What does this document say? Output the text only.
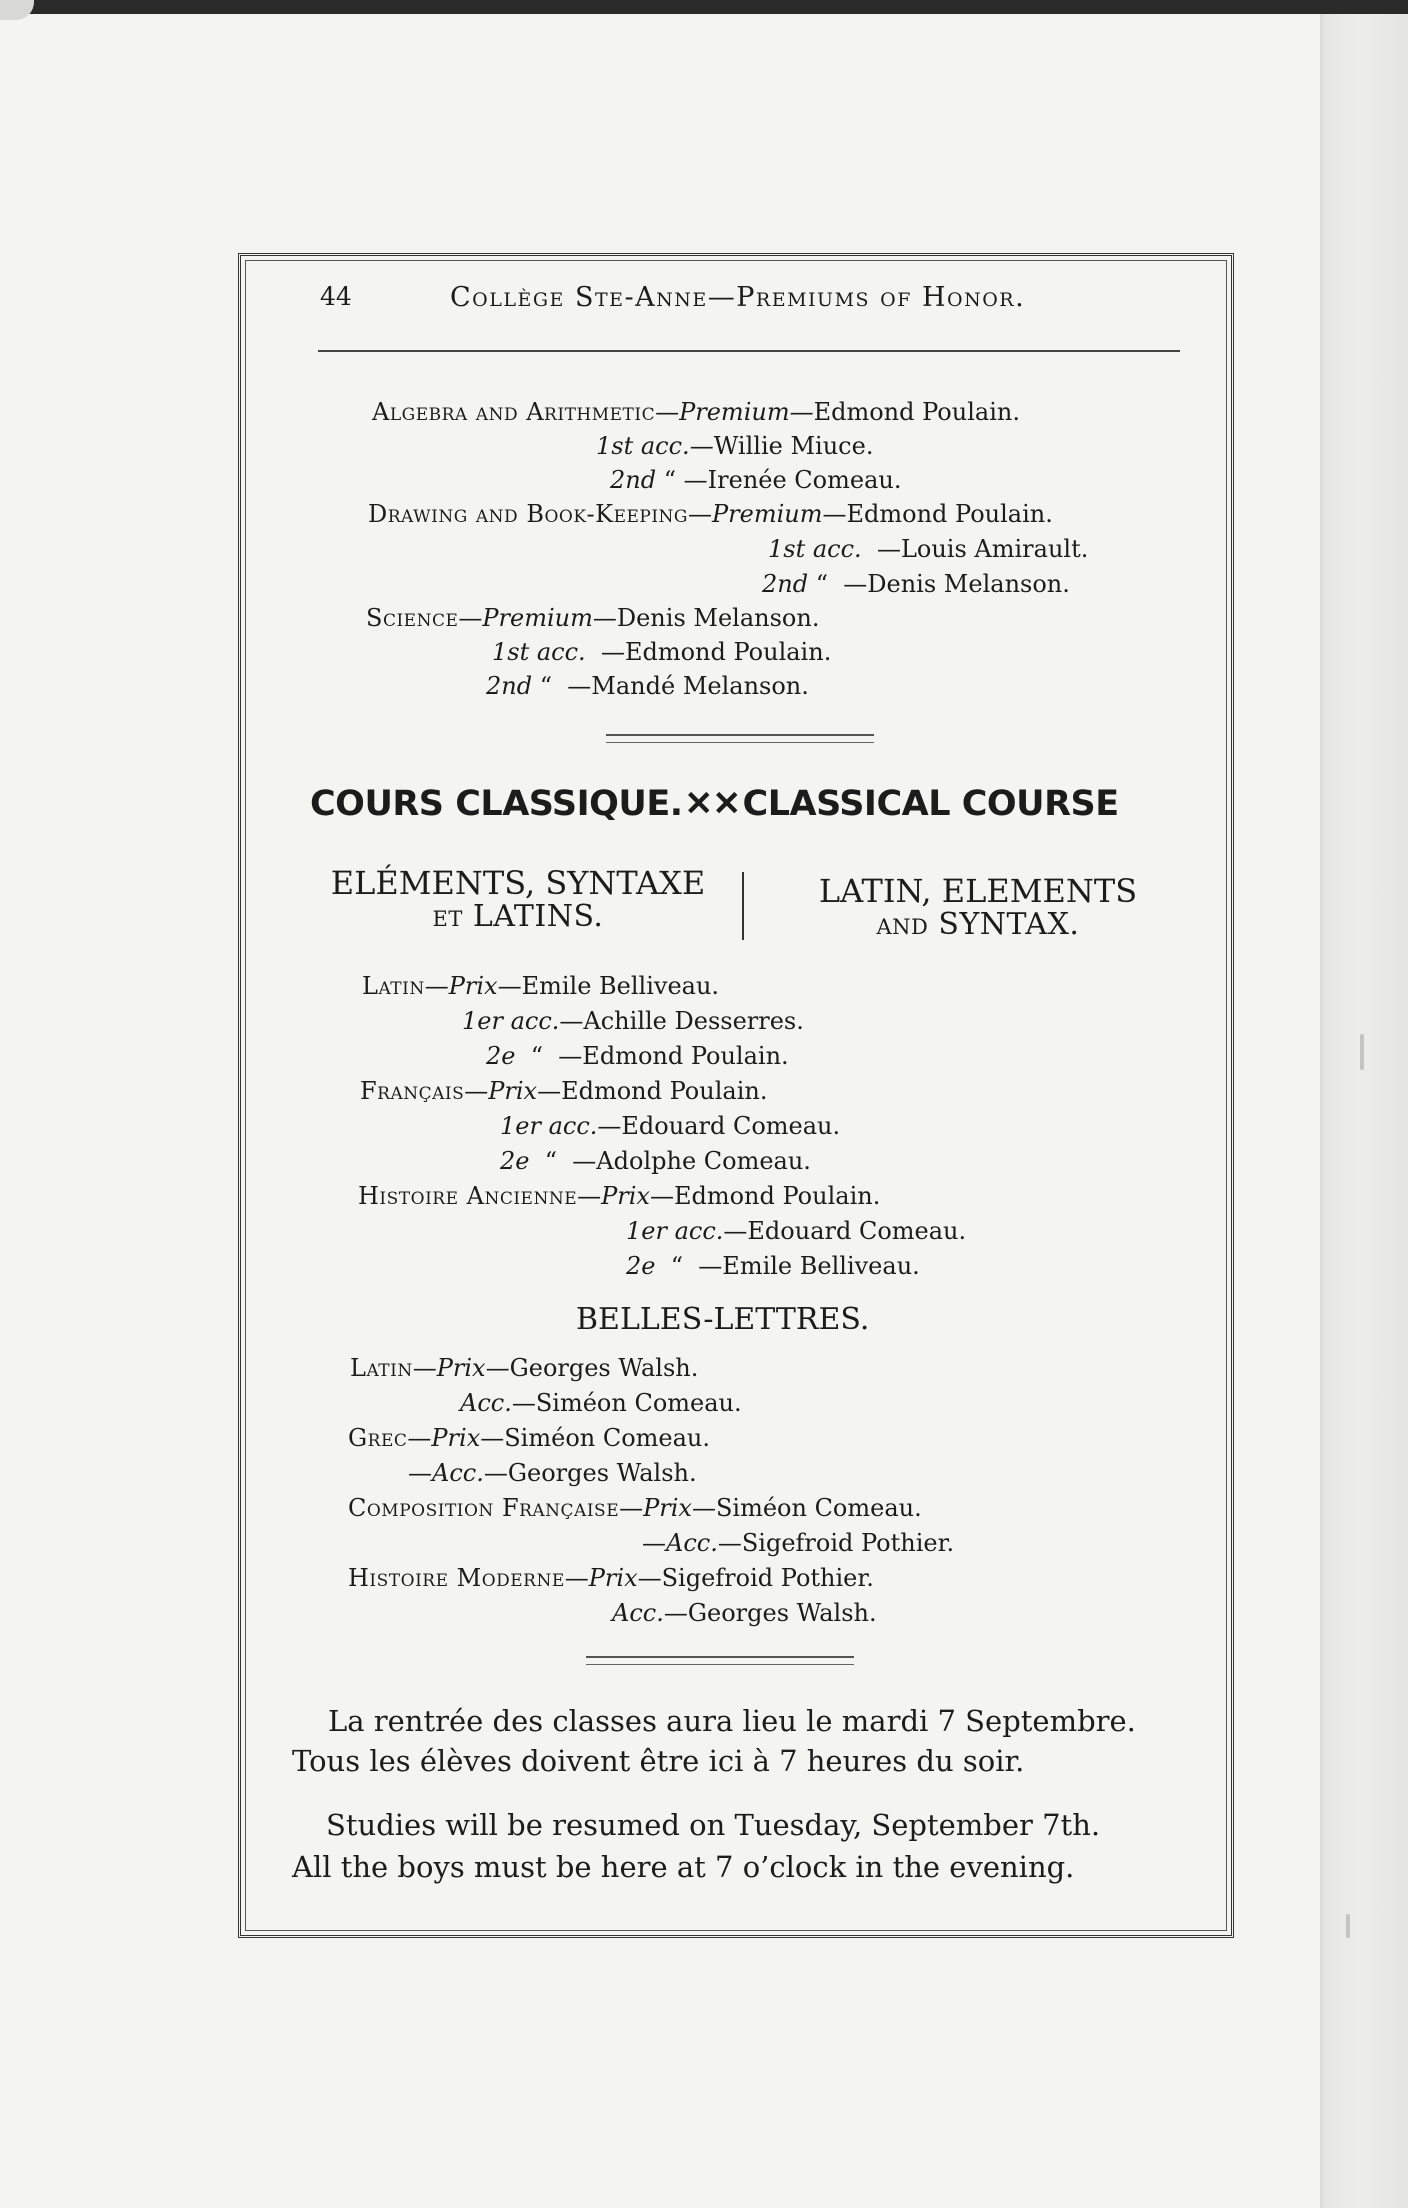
44	Collège Ste-Anne—Premiums of Honor.
Algebra and Arithmetic—Premium—Edmond Poulain.
1st acc.—Willie Miuce.
2nd “ —Irenée Comeau.
Drawing and Book-Keeping—Premium—Edmond Poulain.
1st acc.  —Louis Amirault.
2nd “  —Denis Melanson.
Science—Premium—Denis Melanson.
1st acc.  —Edmond Poulain.
2nd “  —Mandé Melanson.
COURS CLASSIQUE.✕✕CLASSICAL COURSE
ELÉMENTS, SYNTAXE
et LATINS.
LATIN, ELEMENTS
and SYNTAX.
Latin—Prix—Emile Belliveau.
1er acc.—Achille Desserres.
2e “  —Edmond Poulain.
Français—Prix—Edmond Poulain.
1er acc.—Edouard Comeau.
2e “  —Adolphe Comeau.
Histoire Ancienne—Prix—Edmond Poulain.
1er acc.—Edouard Comeau.
2e “  —Emile Belliveau.
BELLES-LETTRES.
Latin—Prix—Georges Walsh.
Acc.—Siméon Comeau.
Grec—Prix—Siméon Comeau.
—Acc.—Georges Walsh.
Composition Française—Prix—Siméon Comeau.
—Acc.—Sigefroid Pothier.
Histoire Moderne—Prix—Sigefroid Pothier.
Acc.—Georges Walsh.
La rentrée des classes aura lieu le mardi 7 Septembre.
Tous les élèves doivent être ici à 7 heures du soir.
Studies will be resumed on Tuesday, September 7th.
All the boys must be here at 7 o’clock in the evening.
